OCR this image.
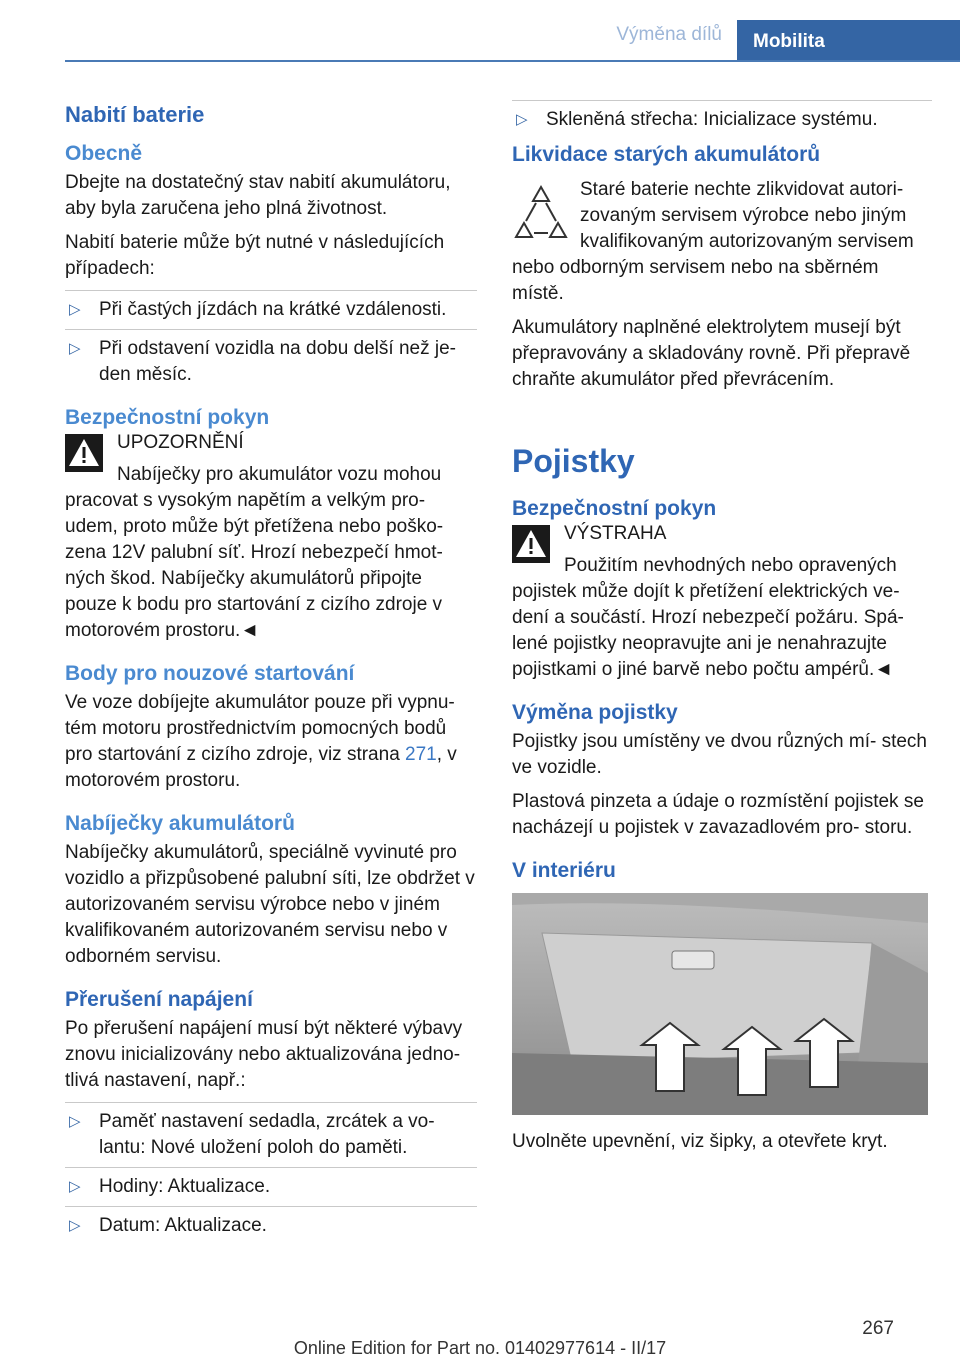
Výměna dílů	Mobilita
Nabití baterie
Obecně

Dbejte na dostatečný stav nabití akumulátoru, aby byla zaručena jeho plná životnost.

Nabití baterie může být nutné v následujících případech:

▷ Při častých jízdách na krátké vzdálenosti.
▷ Při odstavení vozidla na dobu delší než je- den měsíc.
Bezpečnostní pokyn
UPOZORNĚNÍ

Nabíječky pro akumulátor vozu mohou pracovat s vysokým napětím a velkým pro- udem, proto může být přetížena nebo poško- zena 12V palubní síť. Hrozí nebezpečí hmot- ných škod. Nabíječky akumulátorů připojte pouze k bodu pro startování z cizího zdroje v motorovém prostoru.◄

Body pro nouzové startování

Ve voze dobíjejte akumulátor pouze při vypnu- tém motoru prostřednictvím pomocných bodů pro startování z cizího zdroje, viz strana 271, v motorovém prostoru.

Nabíječky akumulátorů

Nabíječky akumulátorů, speciálně vyvinuté pro vozidlo a přizpůsobené palubní síti, lze obdržet v autorizovaném servisu výrobce nebo v jiném kvalifikovaném autorizovaném servisu nebo v odborném servisu.

Přerušení napájení

Po přerušení napájení musí být některé výbavy znovu inicializovány nebo aktualizována jedno- tlivá nastavení, např.:

▷ Paměť nastavení sedadla, zrcátek a vo- lantu: Nové uložení poloh do paměti.
▷ Hodiny: Aktualizace.
▷ Datum: Aktualizace.
▷ Skleněná střecha: Inicializace systému.
Likvidace starých akumulátorů

Staré baterie nechte zlikvidovat autori- zovaným servisem výrobce nebo jiným kvalifikovaným autorizovaným servisem nebo odborným servisem nebo na sběrném místě.

Akumulátory naplněné elektrolytem musejí být přepravovány a skladovány rovně. Při přepravě chraňte akumulátor před převrácením.

Pojistky
Bezpečnostní pokyn
VÝSTRAHA

Použitím nevhodných nebo opravených pojistek může dojít k přetížení elektrických ve- dení a součástí. Hrozí nebezpečí požáru. Spá- lené pojistky neopravujte ani je nenahrazujte pojistkami o jiné barvě nebo počtu ampérů.◄

Výměna pojistky

Pojistky jsou umístěny ve dvou různých mí- stech ve vozidle.

Plastová pinzeta a údaje o rozmístění pojistek se nacházejí u pojistek v zavazadlovém pro- storu.

V interiéru

Uvolněte upevnění, viz šipky, a otevřete kryt.

267
Online Edition for Part no. 01402977614 - II/17
